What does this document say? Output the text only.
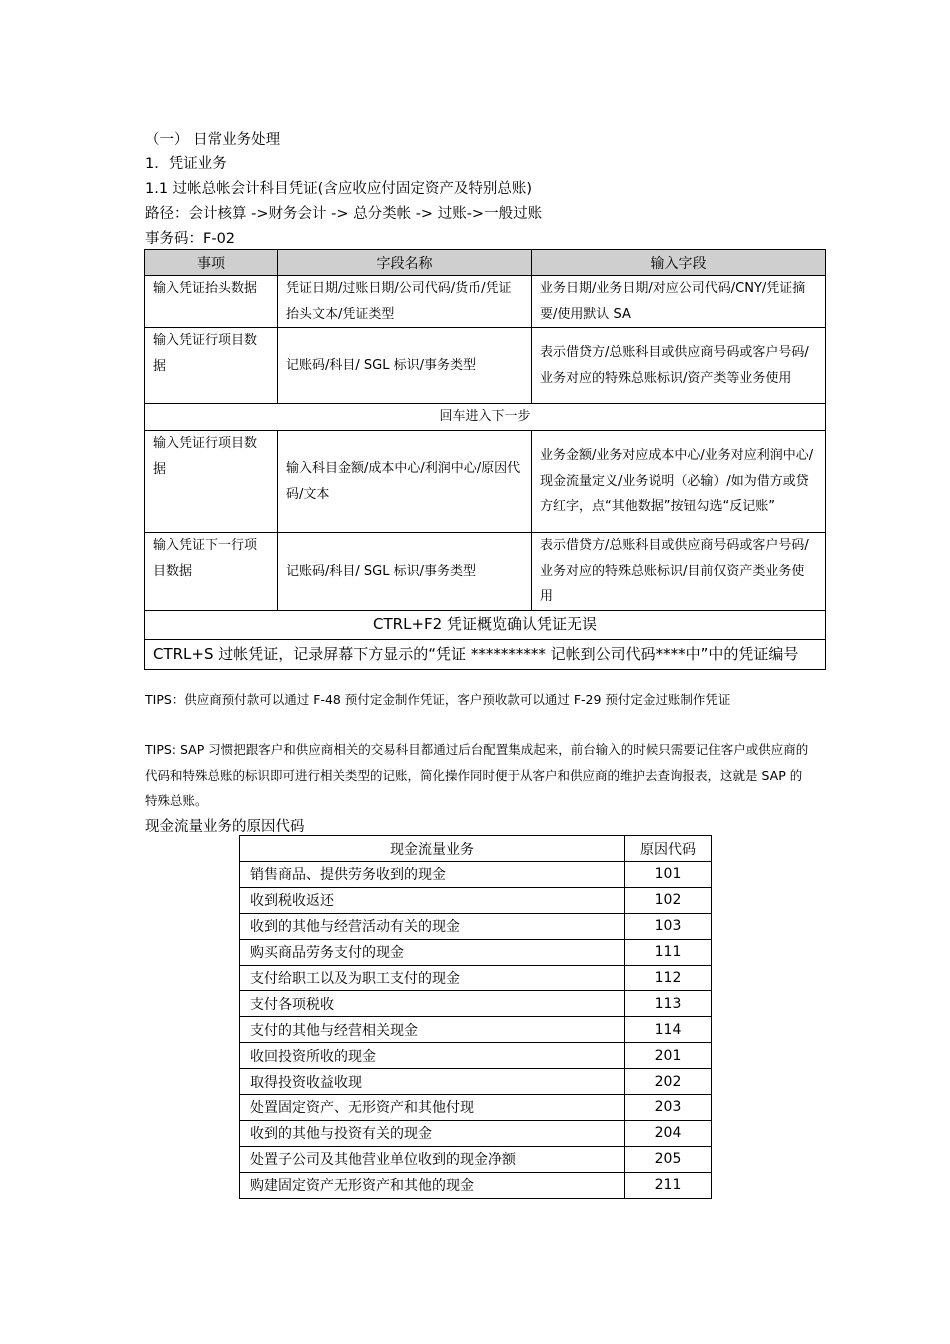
（一） 日常业务处理
1．凭证业务
1.1 过帐总帐会计科目凭证(含应收应付固定资产及特别总账)
路径：会计核算 ->财务会计 -> 总分类帐 -> 过账->一般过账
事务码：F-02
事项	字段名称	输入字段
输入凭证抬头数据	凭证日期/过账日期/公司代码/货币/凭证抬头文本/凭证类型	业务日期/业务日期/对应公司代码/CNY/凭证摘要/使用默认 SA
输入凭证行项目数据	记账码/科目/ SGL 标识/事务类型	表示借贷方/总账科目或供应商号码或客户号码/业务对应的特殊总账标识/资产类等业务使用
回车进入下一步		
输入凭证行项目数据	输入科目金额/成本中心/利润中心/原因代码/文本	业务金额/业务对应成本中心/业务对应利润中心/现金流量定义/业务说明（必输）/如为借方或贷方红字，点“其他数据”按钮勾选“反记账”
输入凭证下一行项目数据	记账码/科目/ SGL 标识/事务类型	表示借贷方/总账科目或供应商号码或客户号码/业务对应的特殊总账标识/目前仅资产类业务使用
CTRL+F2 凭证概览确认凭证无误		
CTRL+S 过帐凭证，记录屏幕下方显示的“凭证 ********** 记帐到公司代码****中”中的凭证编号		
TIPS：供应商预付款可以通过 F-48 预付定金制作凭证，客户预收款可以通过 F-29 预付定金过账制作凭证
TIPS: SAP 习惯把跟客户和供应商相关的交易科目都通过后台配置集成起来，前台输入的时候只需要记住客户或供应商的代码和特殊总账的标识即可进行相关类型的记账，简化操作同时便于从客户和供应商的维护去查询报表，这就是 SAP 的特殊总账。
现金流量业务的原因代码
现金流量业务	原因代码
销售商品、提供劳务收到的现金	101
收到税收返还	102
收到的其他与经营活动有关的现金	103
购买商品劳务支付的现金	111
支付给职工以及为职工支付的现金	112
支付各项税收	113
支付的其他与经营相关现金	114
收回投资所收的现金	201
取得投资收益收现	202
处置固定资产、无形资产和其他付现	203
收到的其他与投资有关的现金	204
处置子公司及其他营业单位收到的现金净额	205
购建固定资产无形资产和其他的现金	211
